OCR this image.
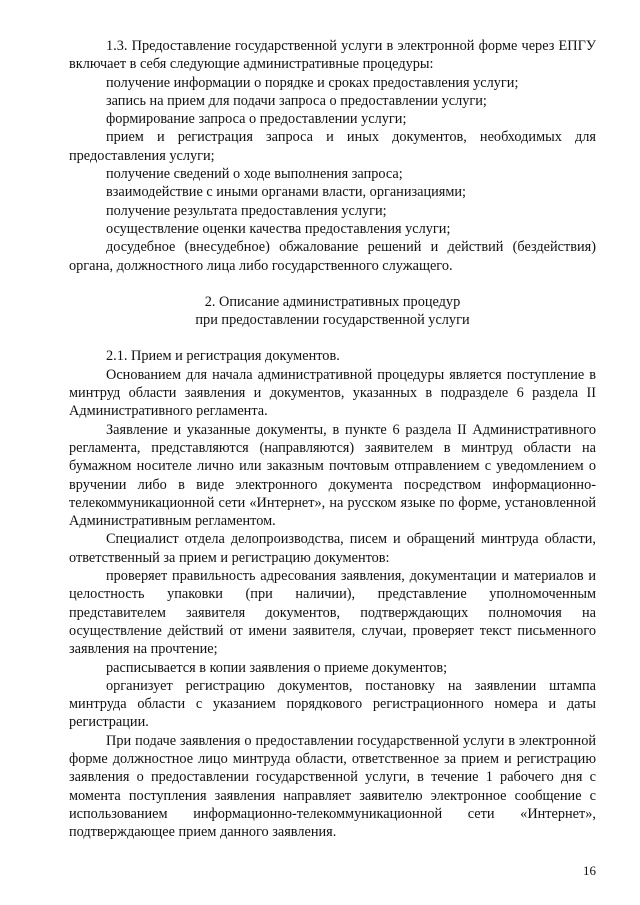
1.3. Предоставление государственной услуги в электронной форме через ЕПГУ включает в себя следующие административные процедуры:

получение информации о порядке и сроках предоставления услуги;

запись на прием для подачи запроса о предоставлении услуги;

формирование запроса о предоставлении услуги;

прием и регистрация запроса и иных документов, необходимых для предоставления услуги;

получение сведений о ходе выполнения запроса;

взаимодействие с иными органами власти, организациями;

получение результата предоставления услуги;

осуществление оценки качества предоставления услуги;

досудебное (внесудебное) обжалование решений и действий (бездействия) органа, должностного лица либо государственного служащего.

2. Описание административных процедур

при предоставлении государственной услуги

2.1. Прием и регистрация документов.

Основанием для начала административной процедуры является поступление в минтруд области заявления и документов, указанных в подразделе 6 раздела II Административного регламента.

Заявление и указанные документы, в пункте 6 раздела II Административного регламента, представляются (направляются) заявителем в минтруд области на бумажном носителе лично или заказным почтовым отправлением с уведомлением о вручении либо в виде электронного документа посредством информационно-телекоммуникационной сети «Интернет», на русском языке по форме, установленной Административным регламентом.

Специалист отдела делопроизводства, писем и обращений минтруда области, ответственный за прием и регистрацию документов:

проверяет правильность адресования заявления, документации и материалов и целостность упаковки (при наличии), представление уполномоченным представителем заявителя документов, подтверждающих полномочия на осуществление действий от имени заявителя, случаи, проверяет текст письменного заявления на прочтение;

расписывается в копии заявления о приеме документов;

организует регистрацию документов, постановку на заявлении штампа минтруда области с указанием порядкового регистрационного номера и даты регистрации.

При подаче заявления о предоставлении государственной услуги в электронной форме должностное лицо минтруда области, ответственное за прием и регистрацию заявления о предоставлении государственной услуги, в течение 1 рабочего дня с момента поступления заявления направляет заявителю электронное сообщение с использованием информационно-телекоммуникационной сети «Интернет», подтверждающее прием данного заявления.

16
